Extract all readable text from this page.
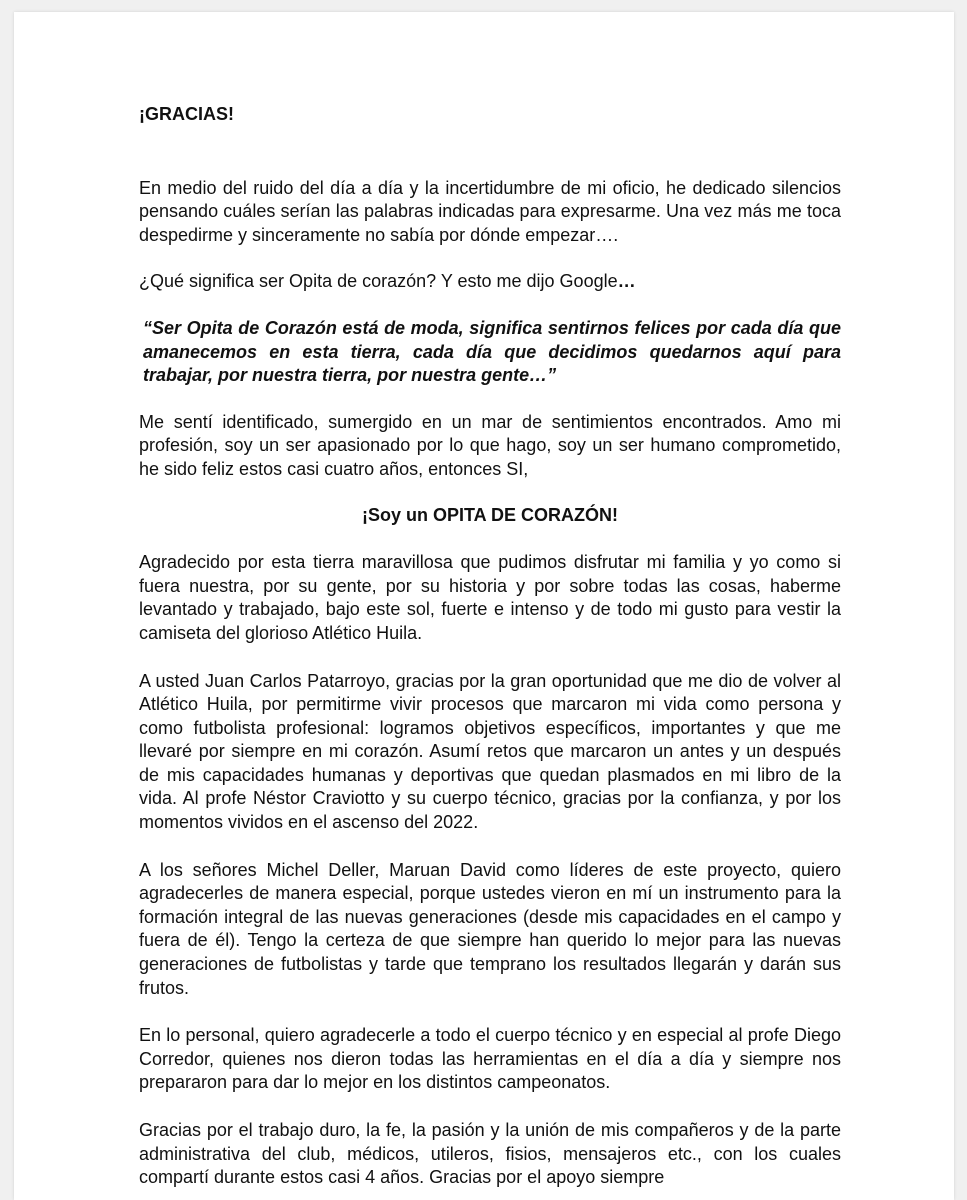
¡GRACIAS!

En medio del ruido del día a día y la incertidumbre de mi oficio, he dedicado silencios pensando cuáles serían las palabras indicadas para expresarme. Una vez más me toca despedirme y sinceramente no sabía por dónde empezar….

¿Qué significa ser Opita de corazón? Y esto me dijo Google…

“Ser Opita de Corazón está de moda, significa sentirnos felices por cada día que amanecemos en esta tierra, cada día que decidimos quedarnos aquí para trabajar, por nuestra tierra, por nuestra gente…”

Me sentí identificado, sumergido en un mar de sentimientos encontrados. Amo mi profesión, soy un ser apasionado por lo que hago, soy un ser humano comprometido, he sido feliz estos casi cuatro años, entonces SI,

¡Soy un OPITA DE CORAZÓN!

Agradecido por esta tierra maravillosa que pudimos disfrutar mi familia y yo como si fuera nuestra, por su gente, por su historia y por sobre todas las cosas, haberme levantado y trabajado, bajo este sol, fuerte e intenso y de todo mi gusto para vestir la camiseta del glorioso Atlético Huila.

A usted Juan Carlos Patarroyo, gracias por la gran oportunidad que me dio de volver al Atlético Huila, por permitirme vivir procesos que marcaron mi vida como persona y como futbolista profesional: logramos objetivos específicos, importantes y que me llevaré por siempre en mi corazón. Asumí retos que marcaron un antes y un después de mis capacidades humanas y deportivas que quedan plasmados en mi libro de la vida. Al profe Néstor Craviotto y su cuerpo técnico, gracias por la confianza, y por los momentos vividos en el ascenso del 2022.

A los señores Michel Deller, Maruan David como líderes de este proyecto, quiero agradecerles de manera especial, porque ustedes vieron en mí un instrumento para la formación integral de las nuevas generaciones (desde mis capacidades en el campo y fuera de él). Tengo la certeza de que siempre han querido lo mejor para las nuevas generaciones de futbolistas y tarde que temprano los resultados llegarán y darán sus frutos.

En lo personal, quiero agradecerle a todo el cuerpo técnico y en especial al profe Diego Corredor, quienes nos dieron todas las herramientas en el día a día y siempre nos prepararon para dar lo mejor en los distintos campeonatos.

Gracias por el trabajo duro, la fe, la pasión y la unión de mis compañeros y de la parte administrativa del club, médicos, utileros, fisios, mensajeros etc., con los cuales compartí durante estos casi 4 años. Gracias por el apoyo siempre
